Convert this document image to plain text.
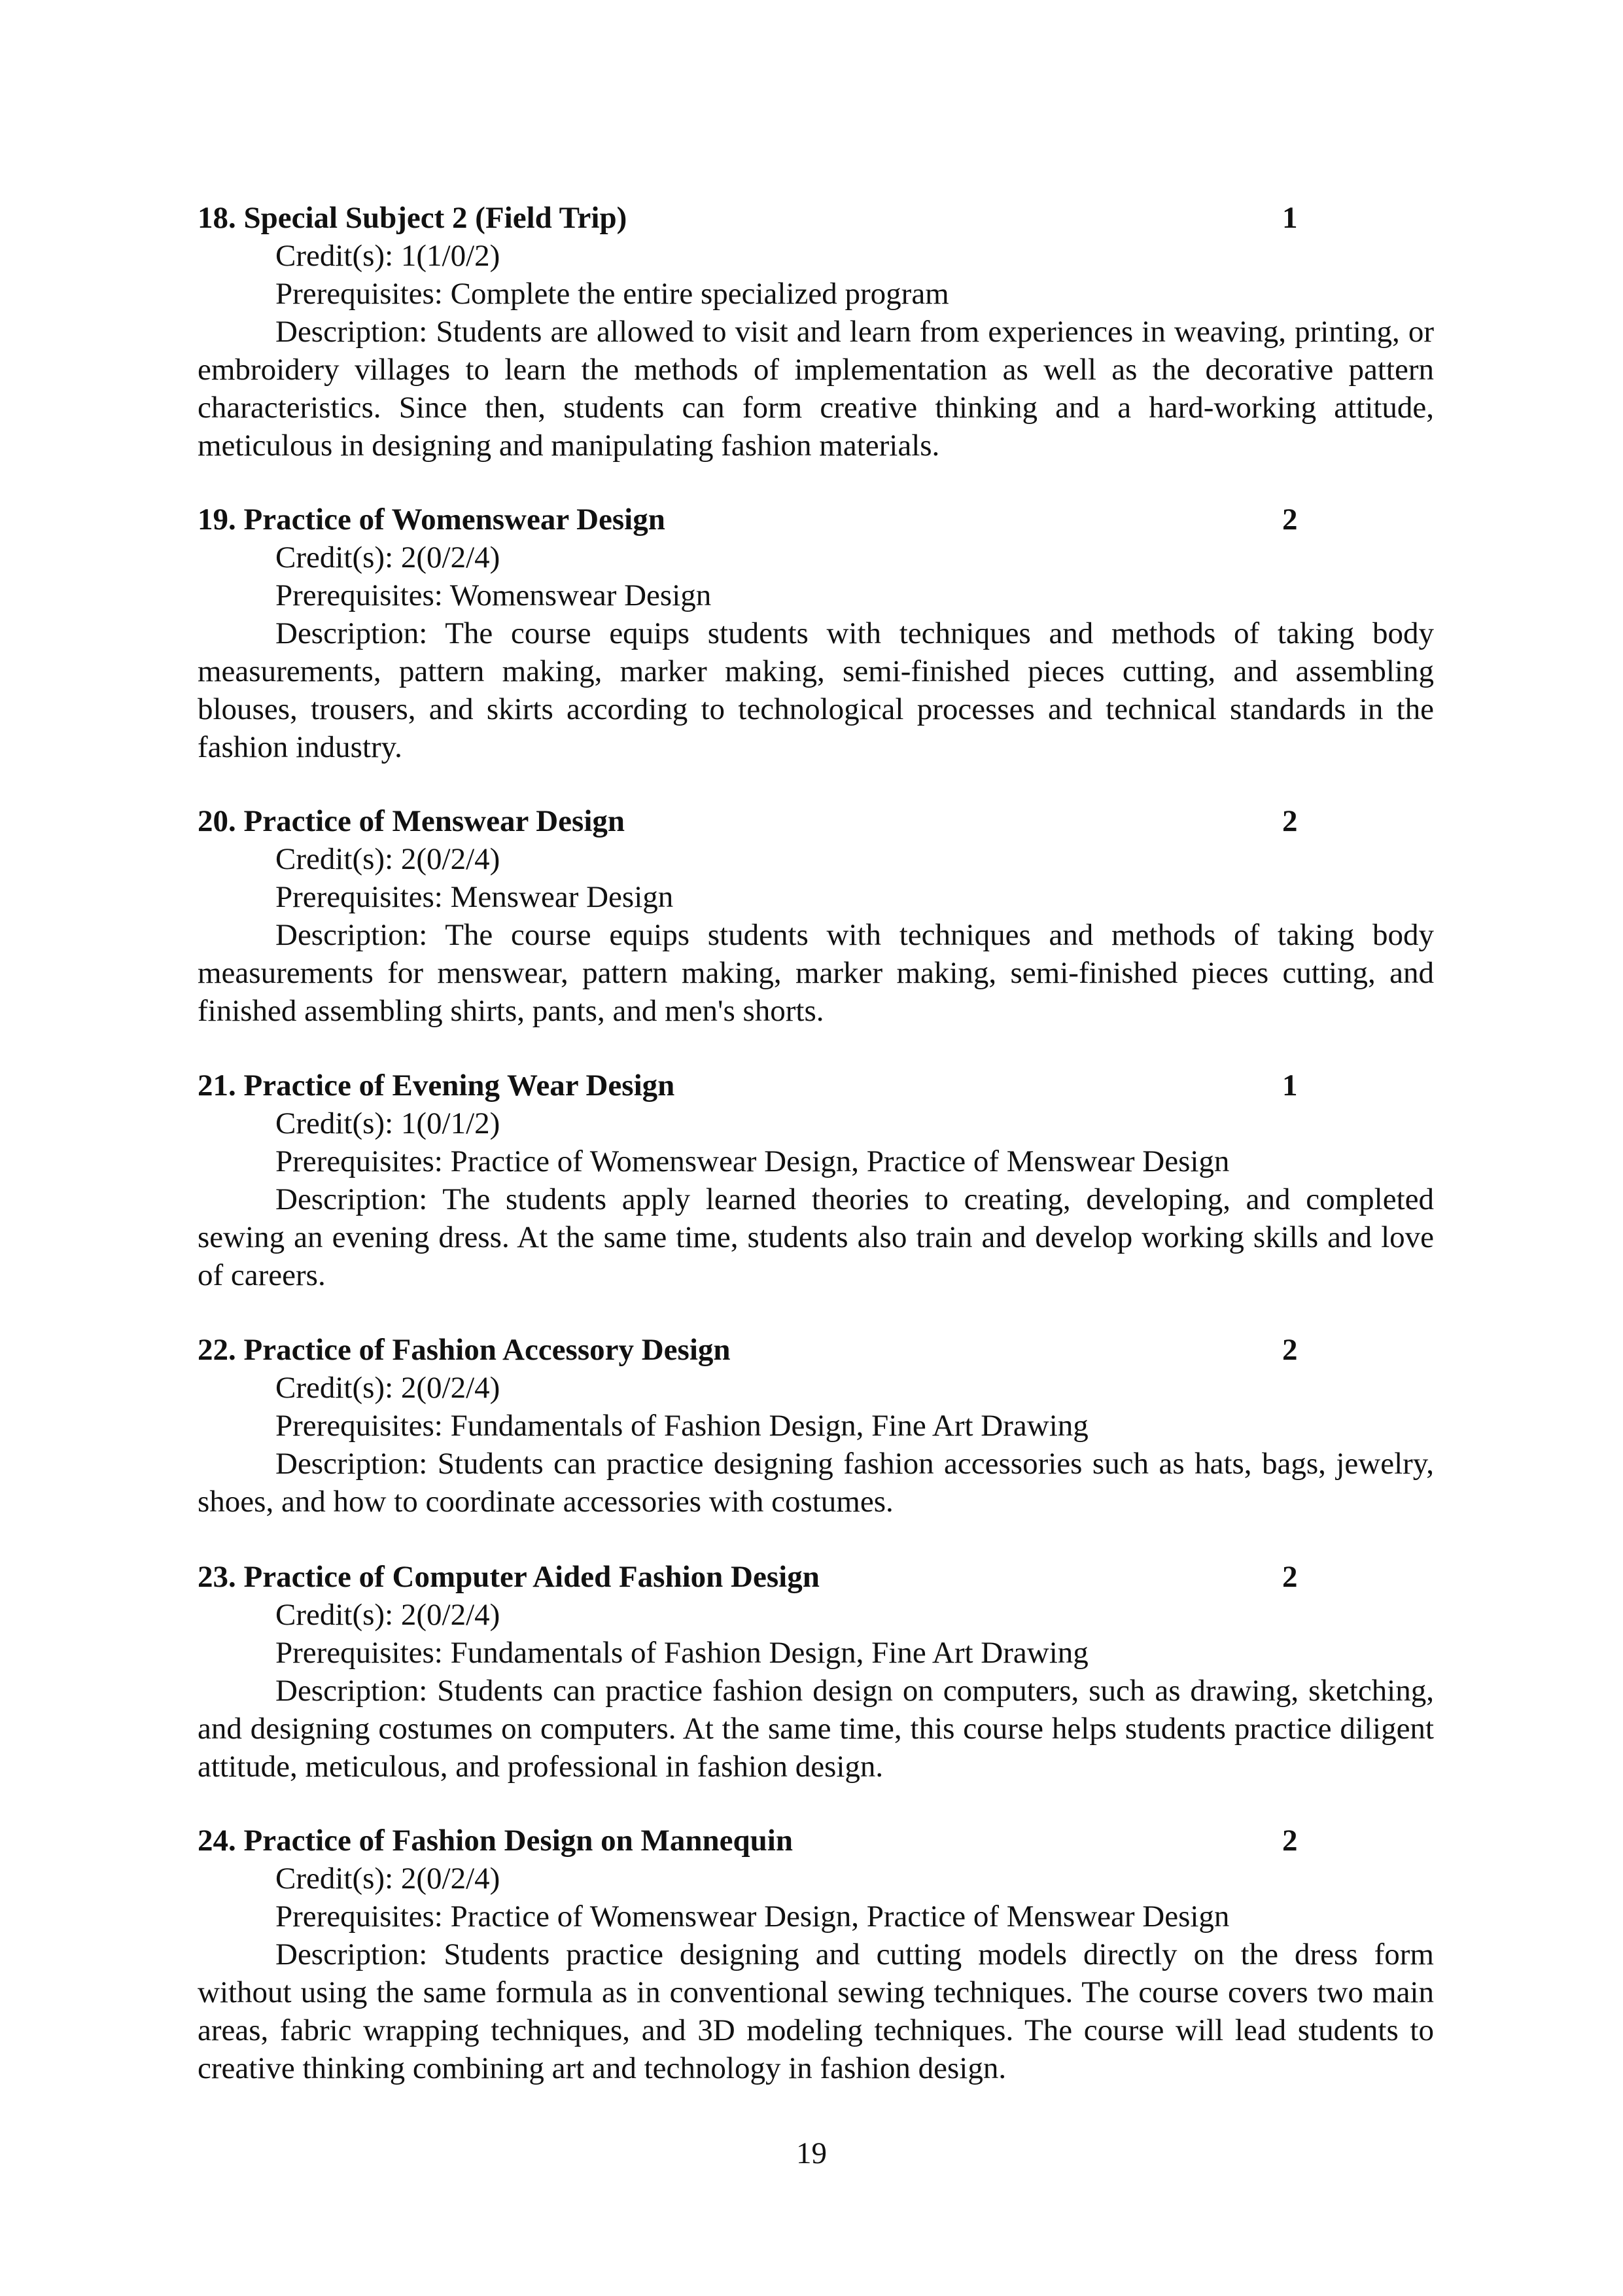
18. Special Subject 2 (Field Trip)	1
Credit(s): 1(1/0/2)
Prerequisites: Complete the entire specialized program

Description: Students are allowed to visit and learn from experiences in weaving, printing, or embroidery villages to learn the methods of implementation as well as the decorative pattern characteristics. Since then, students can form creative thinking and a hard-working attitude, meticulous in designing and manipulating fashion materials.

19. Practice of Womenswear Design	2
Credit(s): 2(0/2/4)
Prerequisites: Womenswear Design

Description: The course equips students with techniques and methods of taking body measurements, pattern making, marker making, semi-finished pieces cutting, and assembling blouses, trousers, and skirts according to technological processes and technical standards in the fashion industry.

20. Practice of Menswear Design	2
Credit(s): 2(0/2/4)
Prerequisites: Menswear Design

Description: The course equips students with techniques and methods of taking body measurements for menswear, pattern making, marker making, semi-finished pieces cutting, and finished assembling shirts, pants, and men's shorts.

21. Practice of Evening Wear Design	1
Credit(s): 1(0/1/2)
Prerequisites: Practice of Womenswear Design, Practice of Menswear Design

Description: The students apply learned theories to creating, developing, and completed sewing an evening dress. At the same time, students also train and develop working skills and love of careers.

22. Practice of Fashion Accessory Design	2
Credit(s): 2(0/2/4)
Prerequisites: Fundamentals of Fashion Design, Fine Art Drawing

Description: Students can practice designing fashion accessories such as hats, bags, jewelry, shoes, and how to coordinate accessories with costumes.

23. Practice of Computer Aided Fashion Design	2
Credit(s): 2(0/2/4)
Prerequisites: Fundamentals of Fashion Design, Fine Art Drawing

Description: Students can practice fashion design on computers, such as drawing, sketching, and designing costumes on computers. At the same time, this course helps students practice diligent attitude, meticulous, and professional in fashion design.

24. Practice of Fashion Design on Mannequin	2
Credit(s): 2(0/2/4)
Prerequisites: Practice of Womenswear Design, Practice of Menswear Design

Description: Students practice designing and cutting models directly on the dress form without using the same formula as in conventional sewing techniques. The course covers two main areas, fabric wrapping techniques, and 3D modeling techniques. The course will lead students to creative thinking combining art and technology in fashion design.

19
